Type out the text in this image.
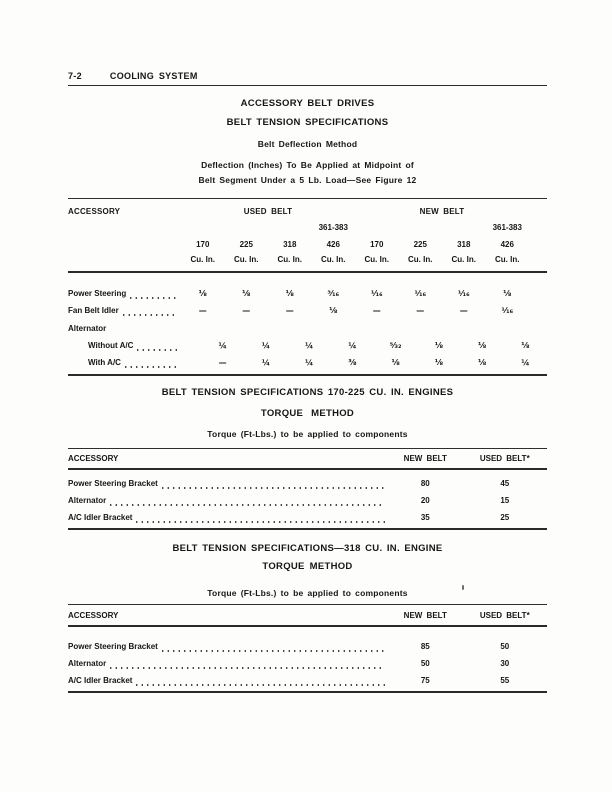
7-2	COOLING SYSTEM
ACCESSORY BELT DRIVES
BELT TENSION SPECIFICATIONS
Belt Deflection Method
Deflection (Inches) To Be Applied at Midpoint of
Belt Segment Under a 5 Lb. Load—See Figure 12
ACCESSORY	USED BELT	NEW BELT
361-383	361-383
170	225	318	426	170	225	318	426
Cu. In.	Cu. In.	Cu. In.	Cu. In.	Cu. In.	Cu. In.	Cu. In.	Cu. In.
Power Steering	⅛	⅛	⅛	³⁄₁₆	¹⁄₁₆	¹⁄₁₆	¹⁄₁₆	⅛
Fan Belt Idler	—	—	—	⅛	—	—	—	¹⁄₁₆
Alternator
Without A/C	¼	¼	¼	¼	⁵⁄₃₂	⅛	⅛	⅛
With A/C	—	¼	¼	⅜	⅛	⅛	⅛	¼
BELT TENSION SPECIFICATIONS 170-225 CU. IN. ENGINES
TORQUE METHOD
Torque (Ft-Lbs.) to be applied to components
ACCESSORY	NEW BELT	USED BELT*
Power Steering Bracket	80	45
Alternator	20	15
A/C Idler Bracket	35	25
BELT TENSION SPECIFICATIONS—318 CU. IN. ENGINE
TORQUE METHOD
Torque (Ft-Lbs.) to be applied to components
ACCESSORY	NEW BELT	USED BELT*
Power Steering Bracket	85	50
Alternator	50	30
A/C Idler Bracket	75	55
